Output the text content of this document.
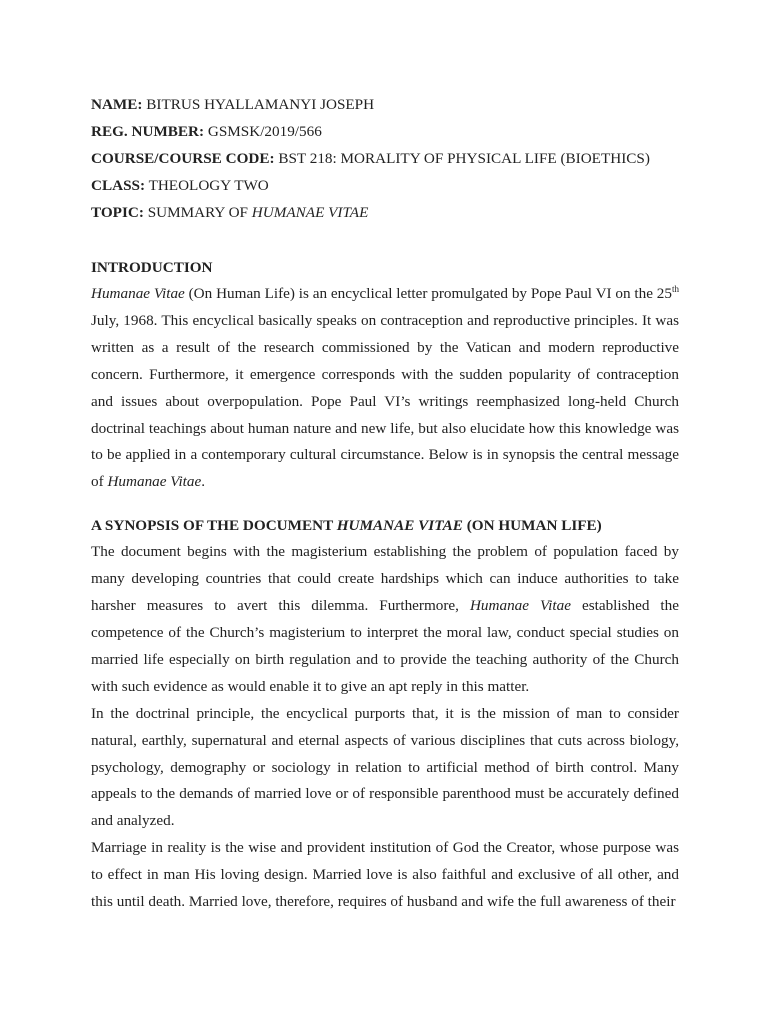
NAME: BITRUS HYALLAMANYI JOSEPH

REG. NUMBER: GSMSK/2019/566

COURSE/COURSE CODE: BST 218: MORALITY OF PHYSICAL LIFE (BIOETHICS)

CLASS: THEOLOGY TWO

TOPIC: SUMMARY OF HUMANAE VITAE

INTRODUCTION

Humanae Vitae (On Human Life) is an encyclical letter promulgated by Pope Paul VI on the 25th July, 1968. This encyclical basically speaks on contraception and reproductive principles. It was written as a result of the research commissioned by the Vatican and modern reproductive concern. Furthermore, it emergence corresponds with the sudden popularity of contraception and issues about overpopulation. Pope Paul VI’s writings reemphasized long-held Church doctrinal teachings about human nature and new life, but also elucidate how this knowledge was to be applied in a contemporary cultural circumstance. Below is in synopsis the central message of Humanae Vitae.

A SYNOPSIS OF THE DOCUMENT HUMANAE VITAE (ON HUMAN LIFE)

The document begins with the magisterium establishing the problem of population faced by many developing countries that could create hardships which can induce authorities to take harsher measures to avert this dilemma. Furthermore, Humanae Vitae established the competence of the Church’s magisterium to interpret the moral law, conduct special studies on married life especially on birth regulation and to provide the teaching authority of the Church with such evidence as would enable it to give an apt reply in this matter.

In the doctrinal principle, the encyclical purports that, it is the mission of man to consider natural, earthly, supernatural and eternal aspects of various disciplines that cuts across biology, psychology, demography or sociology in relation to artificial method of birth control. Many appeals to the demands of married love or of responsible parenthood must be accurately defined and analyzed.

Marriage in reality is the wise and provident institution of God the Creator, whose purpose was to effect in man His loving design. Married love is also faithful and exclusive of all other, and this until death. Married love, therefore, requires of husband and wife the full awareness of their
